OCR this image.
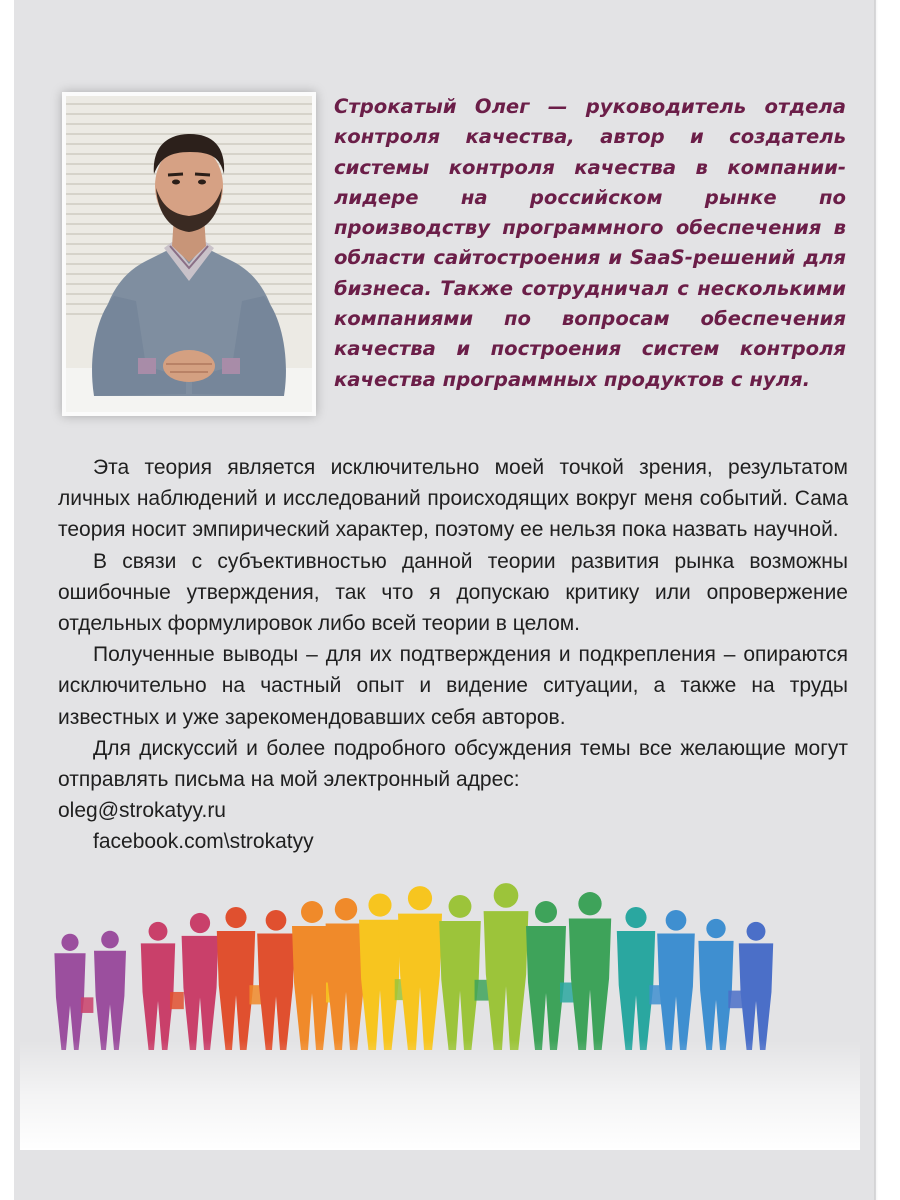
Строкатый Олег — руководитель отдела контроля качества, автор и создатель системы контроля качества в компании-лидере на российском рынке по производству программного обеспечения в области сайтостроения и SaaS-решений для бизнеса. Также сотрудничал с несколькими компаниями по вопросам обеспечения качества и построения систем контроля качества программных продуктов с нуля.

Эта теория является исключительно моей точкой зрения, результатом личных наблюдений и исследований происходящих вокруг меня событий. Сама теория носит эмпирический характер, поэтому ее нельзя пока назвать научной.

В связи с субъективностью данной теории развития рынка возможны ошибочные утверждения, так что я допускаю критику или опровержение отдельных формулировок либо всей теории в целом.

Полученные выводы – для их подтверждения и подкрепления – опираются исключительно на частный опыт и видение ситуации, а также на труды известных и уже зарекомендовавших себя авторов.

Для дискуссий и более подробного обсуждения темы все желающие могут отправлять письма на мой электронный адрес:

oleg@strokatyy.ru
facebook.com\strokatyy
